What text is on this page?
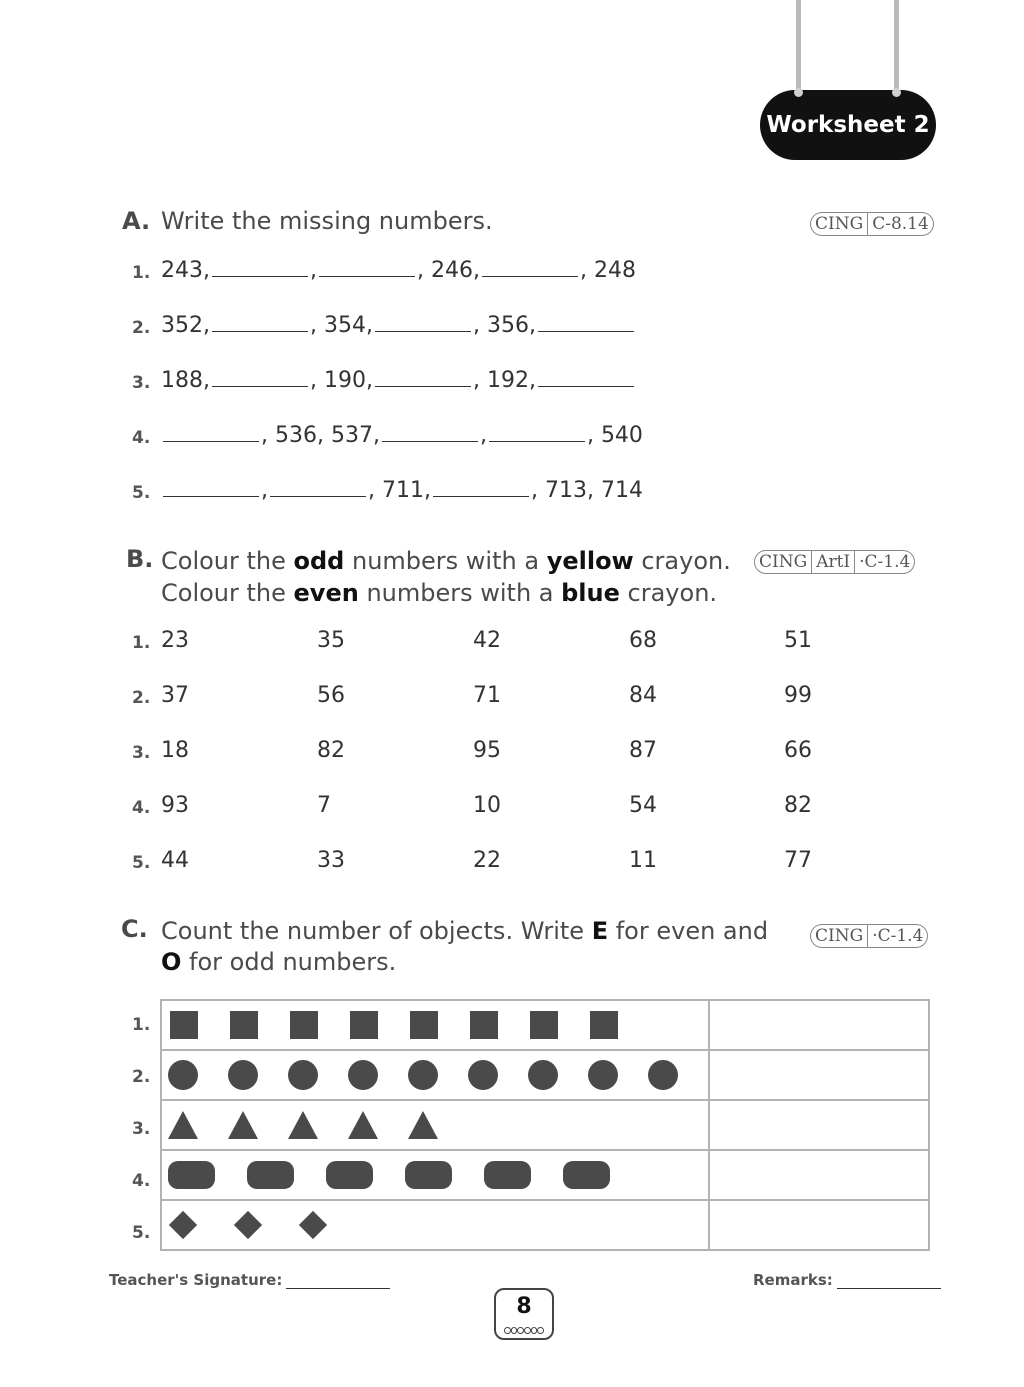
Worksheet 2
A. Write the missing numbers.	CING C-8.14
1. 243,	,	, 246,	, 248
2. 352,	, 354,	, 356,
3. 188,	, 190,	, 192,
4.	, 536, 537,	,	, 540
5.	,	, 711,	, 713, 714
B. Colour the odd numbers with a yellow crayon.
Colour the even numbers with a blue crayon.
CING ArtI ·C-1.4
1. 23	35	42	68	51
2. 37	56	71	84	99
3. 18	82	95	87	66
4. 93	7	10	54	82
5. 44	33	22	11	77
C. Count the number of objects. Write E for even and
O for odd numbers.
CING ·C-1.4
1.
2.
3.
4.
5.

Teacher's Signature:	Remarks:
8
